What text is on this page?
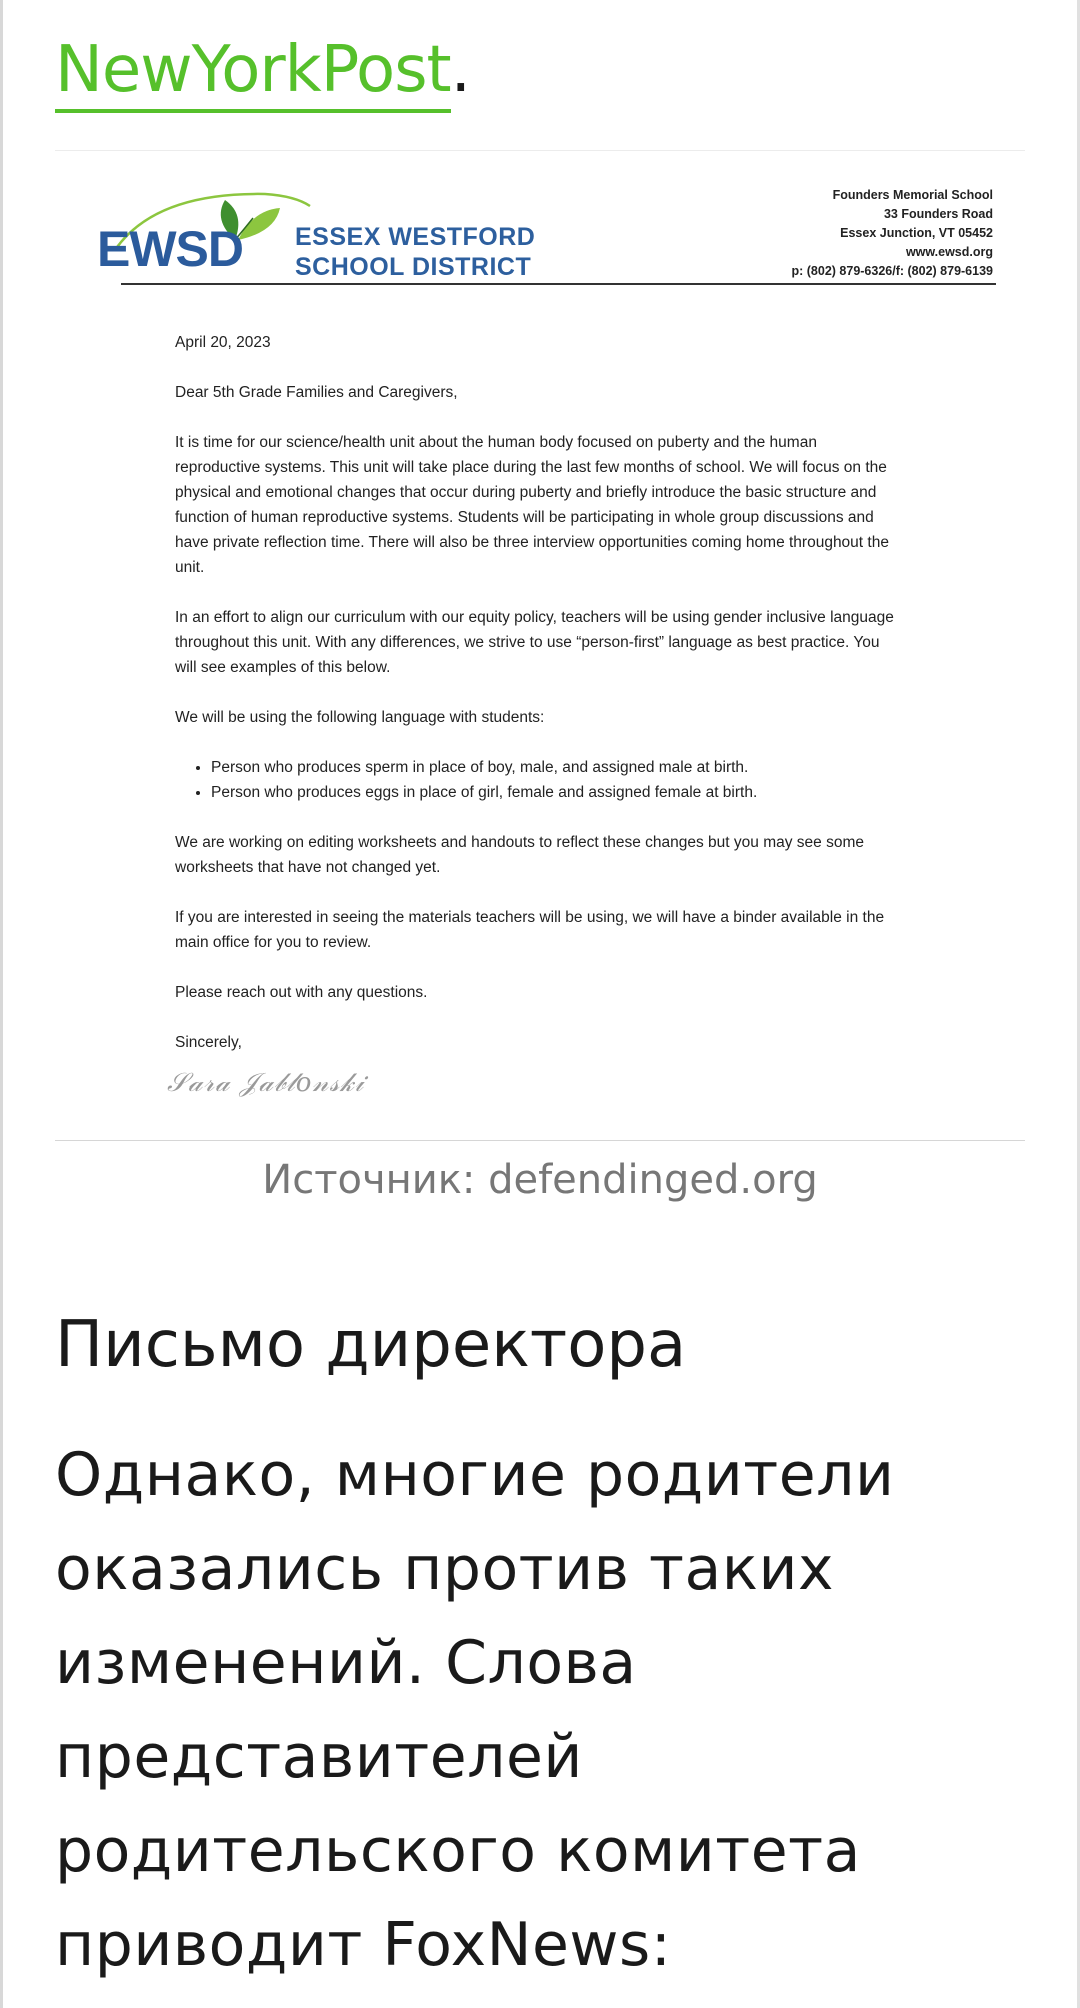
NewYorkPost.
EWSD ESSEX WESTFORD
SCHOOL DISTRICT
Founders Memorial School
33 Founders Road
Essex Junction, VT 05452
www.ewsd.org
p: (802) 879-6326/f: (802) 879-6139

April 20, 2023

Dear 5th Grade Families and Caregivers,

It is time for our science/health unit about the human body focused on puberty and the human reproductive systems. This unit will take place during the last few months of school. We will focus on the physical and emotional changes that occur during puberty and briefly introduce the basic structure and function of human reproductive systems. Students will be participating in whole group discussions and have private reflection time. There will also be three interview opportunities coming home throughout the unit.

In an effort to align our curriculum with our equity policy, teachers will be using gender inclusive language throughout this unit. With any differences, we strive to use “person-first” language as best practice. You will see examples of this below.

We will be using the following language with students:

• Person who produces sperm in place of boy, male, and assigned male at birth.
• Person who produces eggs in place of girl, female and assigned female at birth.

We are working on editing worksheets and handouts to reflect these changes but you may see some worksheets that have not changed yet.

If you are interested in seeing the materials teachers will be using, we will have a binder available in the main office for you to review.

Please reach out with any questions.

Sincerely,

𝒮𝒶𝓇𝒶 𝒥𝒶𝒷𝓁𝑜𝓃𝓈𝓀𝒾
Источник: defendinged.org
Письмо директора

Однако, многие родители оказались против таких изменений. Слова представителей родительского комитета приводит FoxNews:
